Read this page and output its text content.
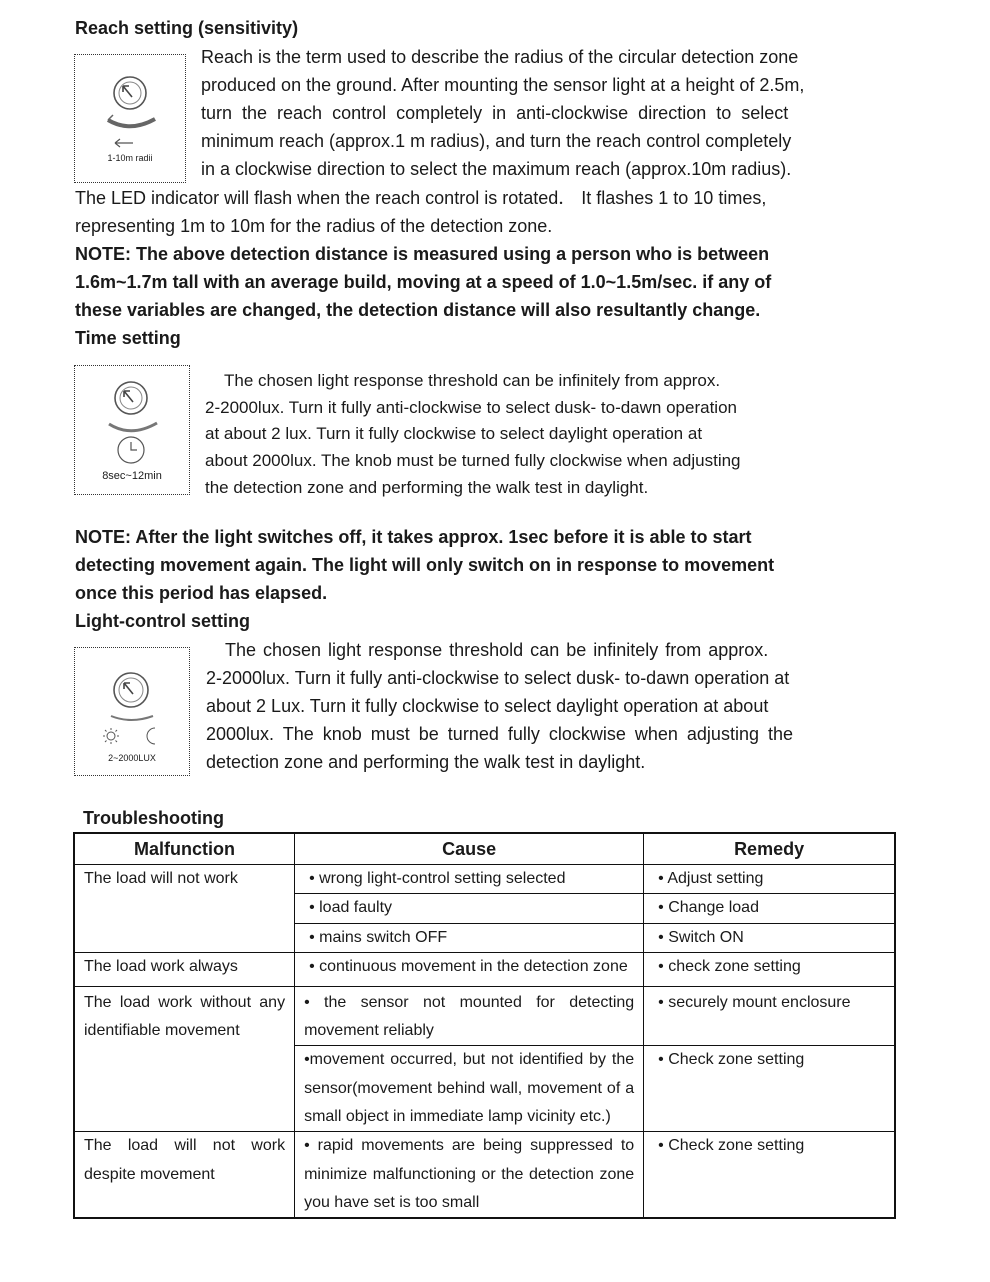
Reach setting (sensitivity)
1-10m radii
Reach is the term used to describe the radius of the circular detection zone
produced on the ground. After mounting the sensor light at a height of 2.5m,
turn the reach control completely in anti-clockwise direction to select
minimum reach (approx.1 m radius), and turn the reach control completely
in a clockwise direction to select the maximum reach (approx.10m radius).
The LED indicator will flash when the reach control is rotated． It flashes 1 to 10 times,
representing 1m to 10m for the radius of the detection zone.
NOTE: The above detection distance is measured using a person who is between
1.6m~1.7m tall with an average build, moving at a speed of 1.0~1.5m/sec. if any of
these variables are changed, the detection distance will also resultantly change.
Time setting
8sec~12min
The chosen light response threshold can be infinitely from approx.
2-2000lux. Turn it fully anti-clockwise to select dusk- to-dawn operation
at about 2 lux. Turn it fully clockwise to select daylight operation at
about 2000lux. The knob must be turned fully clockwise when adjusting
the detection zone and performing the walk test in daylight.
NOTE: After the light switches off, it takes approx. 1sec before it is able to start
detecting movement again. The light will only switch on in response to movement
once this period has elapsed.
Light-control setting
2~2000LUX
The chosen light response threshold can be infinitely from approx.
2-2000lux. Turn it fully anti-clockwise to select dusk- to-dawn operation at
about 2 Lux. Turn it fully clockwise to select daylight operation at about
2000lux. The knob must be turned fully clockwise when adjusting the
detection zone and performing the walk test in daylight.
Troubleshooting
Malfunction	Cause	Remedy
The load will not work	• wrong light-control setting selected	• Adjust setting
	• load faulty	• Change load
	• mains switch OFF	• Switch ON
The load work always	• continuous movement in the detection zone	• check zone setting
The load work without any identifiable movement	• the sensor not mounted for detecting movement reliably	• securely mount enclosure
	•movement occurred, but not identified by the sensor(movement behind wall, movement of a small object in immediate lamp vicinity etc.)	• Check zone setting
The load will not work despite movement	• rapid movements are being suppressed to minimize malfunctioning or the detection zone you have set is too small	• Check zone setting
